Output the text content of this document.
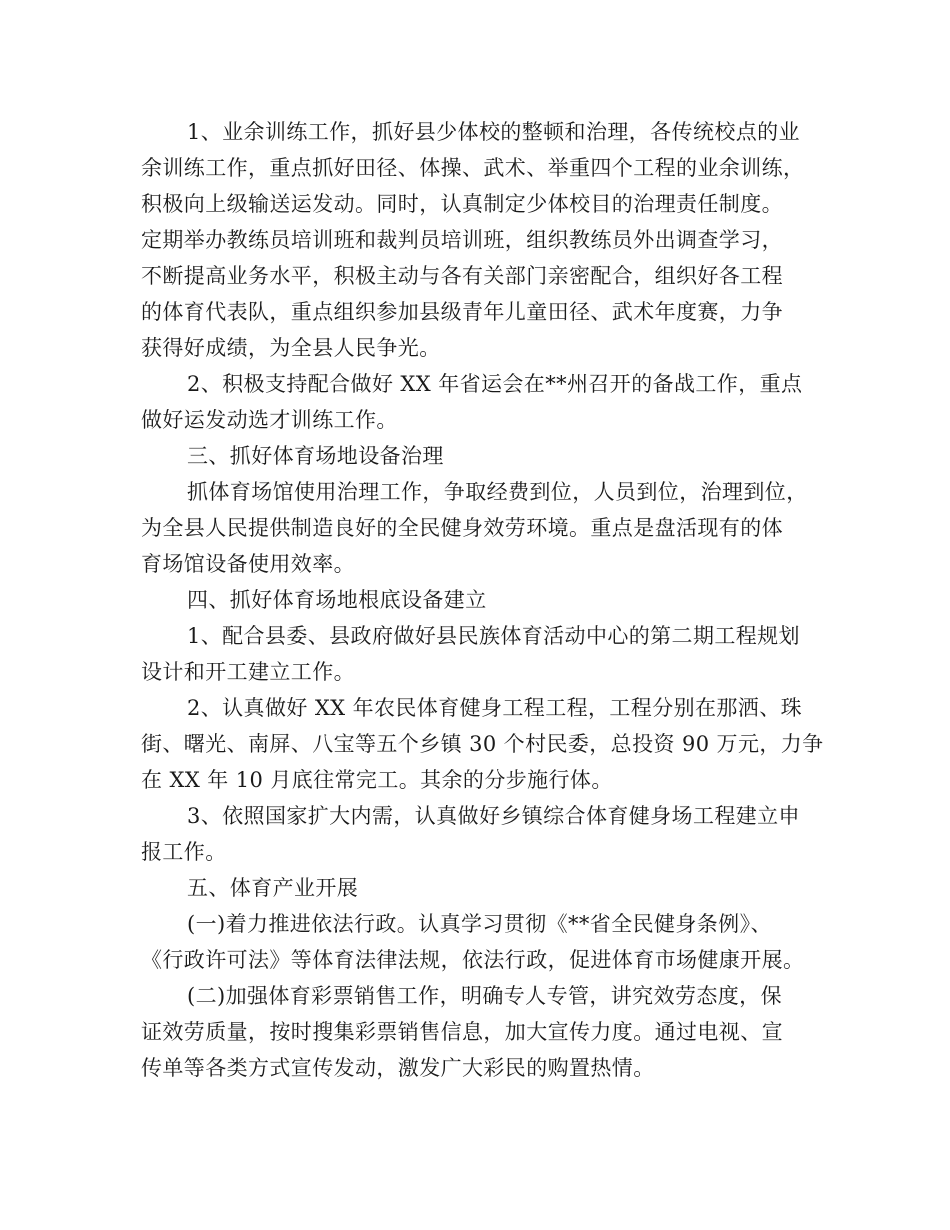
1、业余训练工作，抓好县少体校的整顿和治理，各传统校点的业
余训练工作，重点抓好田径、体操、武术、举重四个工程的业余训练，
积极向上级输送运发动。同时，认真制定少体校目的治理责任制度。
定期举办教练员培训班和裁判员培训班，组织教练员外出调查学习，
不断提高业务水平，积极主动与各有关部门亲密配合，组织好各工程
的体育代表队，重点组织参加县级青年儿童田径、武术年度赛，力争
获得好成绩，为全县人民争光。
2、积极支持配合做好 XX 年省运会在**州召开的备战工作，重点
做好运发动选才训练工作。
三、抓好体育场地设备治理
抓体育场馆使用治理工作，争取经费到位，人员到位，治理到位，
为全县人民提供制造良好的全民健身效劳环境。重点是盘活现有的体
育场馆设备使用效率。
四、抓好体育场地根底设备建立
1、配合县委、县政府做好县民族体育活动中心的第二期工程规划
设计和开工建立工作。
2、认真做好 XX 年农民体育健身工程工程，工程分别在那洒、珠
街、曙光、南屏、八宝等五个乡镇 30 个村民委，总投资 90 万元，力争
在 XX 年 10 月底往常完工。其余的分步施行体。
3、依照国家扩大内需，认真做好乡镇综合体育健身场工程建立申
报工作。
五、体育产业开展
(一)着力推进依法行政。认真学习贯彻《**省全民健身条例》、
《行政许可法》等体育法律法规，依法行政，促进体育市场健康开展。
(二)加强体育彩票销售工作，明确专人专管，讲究效劳态度，保
证效劳质量，按时搜集彩票销售信息，加大宣传力度。通过电视、宣
传单等各类方式宣传发动，激发广大彩民的购置热情。
